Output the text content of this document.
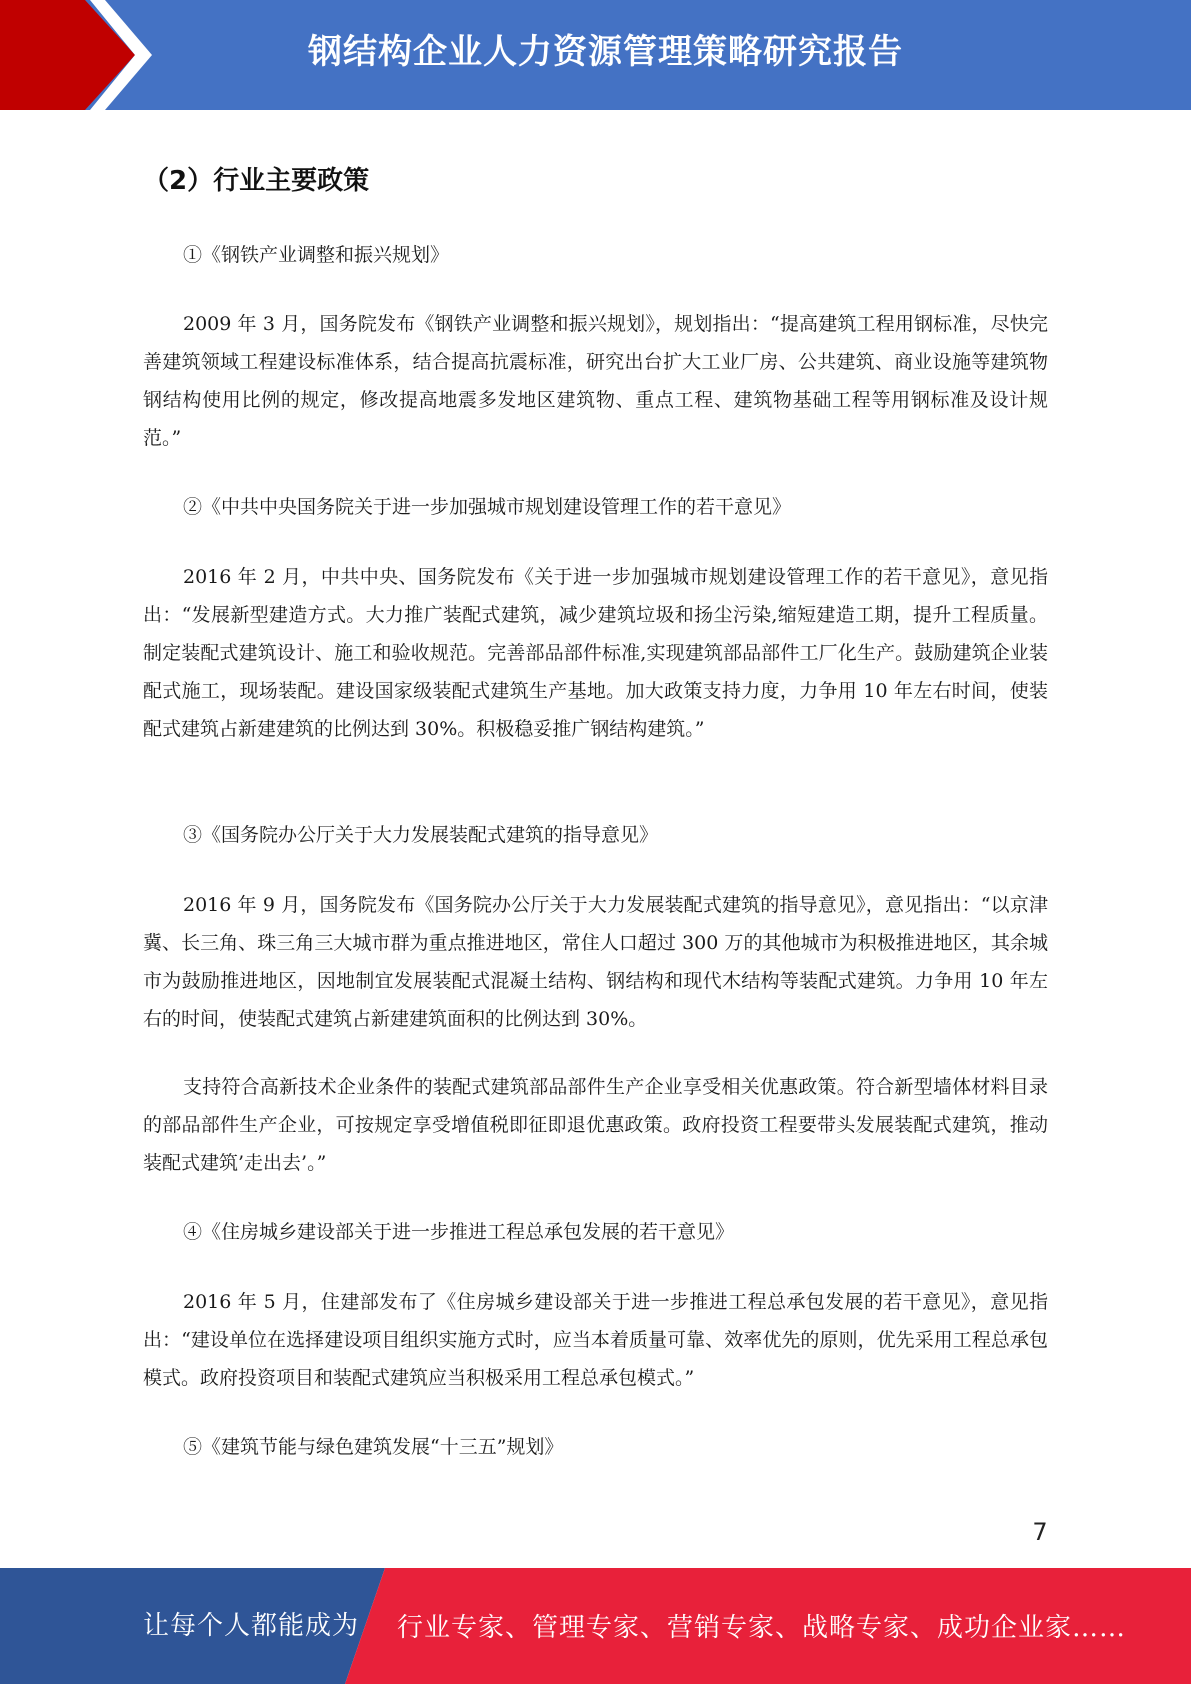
钢结构企业人力资源管理策略研究报告
（2）行业主要政策

①《钢铁产业调整和振兴规划》

2009 年 3 月，国务院发布《钢铁产业调整和振兴规划》，规划指出：“提高建筑工程用钢标准，尽快完善建筑领域工程建设标准体系，结合提高抗震标准，研究出台扩大工业厂房、公共建筑、商业设施等建筑物钢结构使用比例的规定，修改提高地震多发地区建筑物、重点工程、建筑物基础工程等用钢标准及设计规范。”

②《中共中央国务院关于进一步加强城市规划建设管理工作的若干意见》

2016 年 2 月，中共中央、国务院发布《关于进一步加强城市规划建设管理工作的若干意见》，意见指出：“发展新型建造方式。大力推广装配式建筑，减少建筑垃圾和扬尘污染,缩短建造工期，提升工程质量。制定装配式建筑设计、施工和验收规范。完善部品部件标准,实现建筑部品部件工厂化生产。鼓励建筑企业装配式施工，现场装配。建设国家级装配式建筑生产基地。加大政策支持力度，力争用 10 年左右时间，使装配式建筑占新建建筑的比例达到 30%。积极稳妥推广钢结构建筑。”

③《国务院办公厅关于大力发展装配式建筑的指导意见》

2016 年 9 月，国务院发布《国务院办公厅关于大力发展装配式建筑的指导意见》，意见指出：“以京津冀、长三角、珠三角三大城市群为重点推进地区，常住人口超过 300 万的其他城市为积极推进地区，其余城市为鼓励推进地区，因地制宜发展装配式混凝土结构、钢结构和现代木结构等装配式建筑。力争用 10 年左右的时间，使装配式建筑占新建建筑面积的比例达到 30%。

支持符合高新技术企业条件的装配式建筑部品部件生产企业享受相关优惠政策。符合新型墙体材料目录的部品部件生产企业，可按规定享受增值税即征即退优惠政策。政府投资工程要带头发展装配式建筑，推动装配式建筑’走出去’。”

④《住房城乡建设部关于进一步推进工程总承包发展的若干意见》

2016 年 5 月，住建部发布了《住房城乡建设部关于进一步推进工程总承包发展的若干意见》，意见指出：“建设单位在选择建设项目组织实施方式时，应当本着质量可靠、效率优先的原则，优先采用工程总承包模式。政府投资项目和装配式建筑应当积极采用工程总承包模式。”

⑤《建筑节能与绿色建筑发展“十三五”规划》

7
让每个人都能成为 行业专家、管理专家、营销专家、战略专家、成功企业家……
